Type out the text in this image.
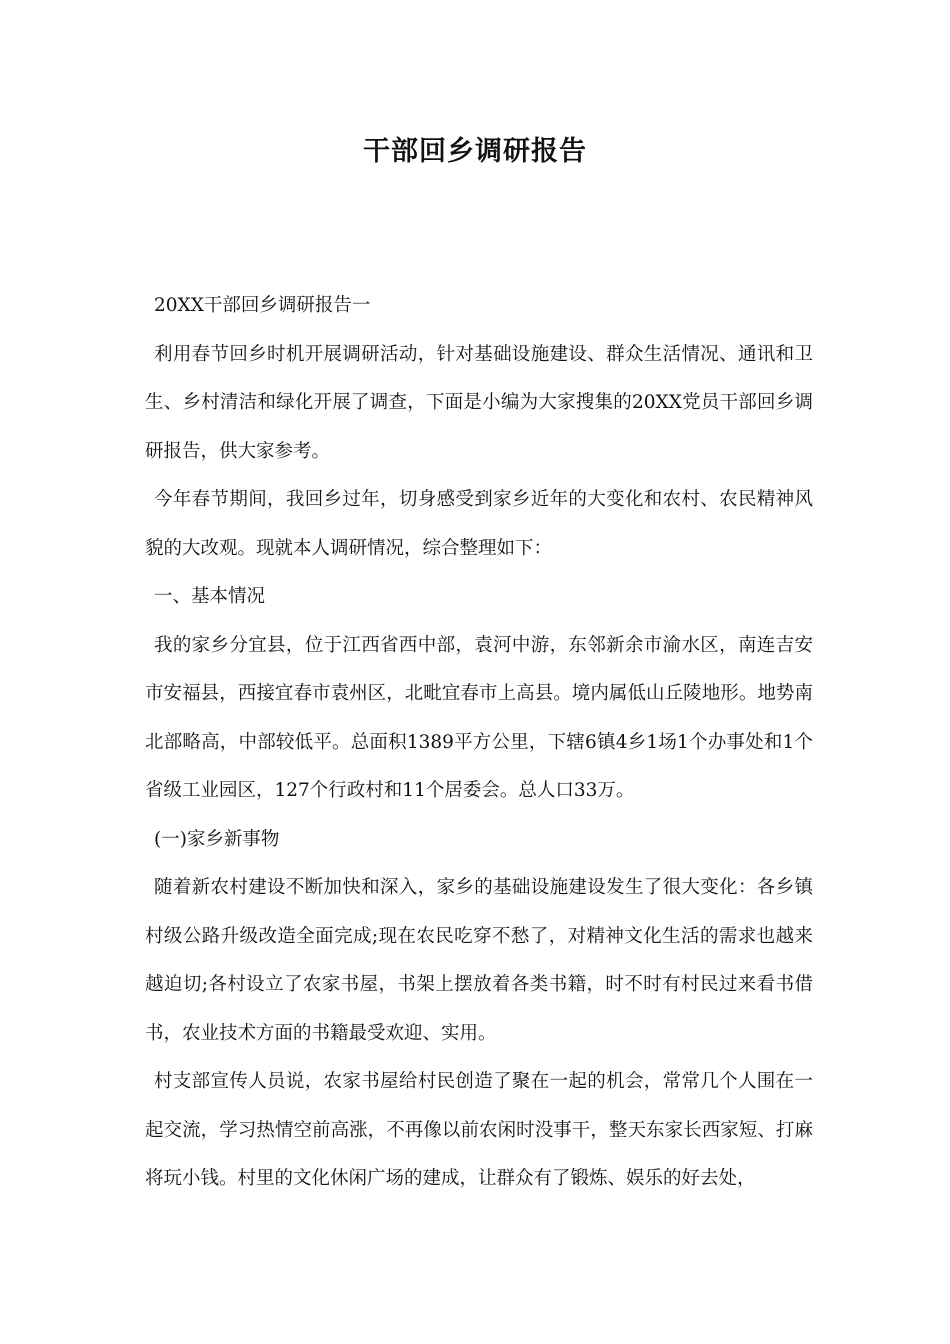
干部回乡调研报告

20XX干部回乡调研报告一

利用春节回乡时机开展调研活动，针对基础设施建设、群众生活情况、通讯和卫生、乡村清洁和绿化开展了调查，下面是小编为大家搜集的20XX党员干部回乡调研报告，供大家参考。

今年春节期间，我回乡过年，切身感受到家乡近年的大变化和农村、农民精神风貌的大改观。现就本人调研情况，综合整理如下：

一、基本情况

我的家乡分宜县，位于江西省西中部，袁河中游，东邻新余市渝水区，南连吉安市安福县，西接宜春市袁州区，北毗宜春市上高县。境内属低山丘陵地形。地势南北部略高，中部较低平。总面积1389平方公里，下辖6镇4乡1场1个办事处和1个省级工业园区，127个行政村和11个居委会。总人口33万。

(一)家乡新事物

随着新农村建设不断加快和深入，家乡的基础设施建设发生了很大变化：各乡镇村级公路升级改造全面完成;现在农民吃穿不愁了，对精神文化生活的需求也越来越迫切;各村设立了农家书屋，书架上摆放着各类书籍，时不时有村民过来看书借书，农业技术方面的书籍最受欢迎、实用。

村支部宣传人员说，农家书屋给村民创造了聚在一起的机会，常常几个人围在一起交流，学习热情空前高涨，不再像以前农闲时没事干，整天东家长西家短、打麻将玩小钱。村里的文化休闲广场的建成，让群众有了锻炼、娱乐的好去处，
